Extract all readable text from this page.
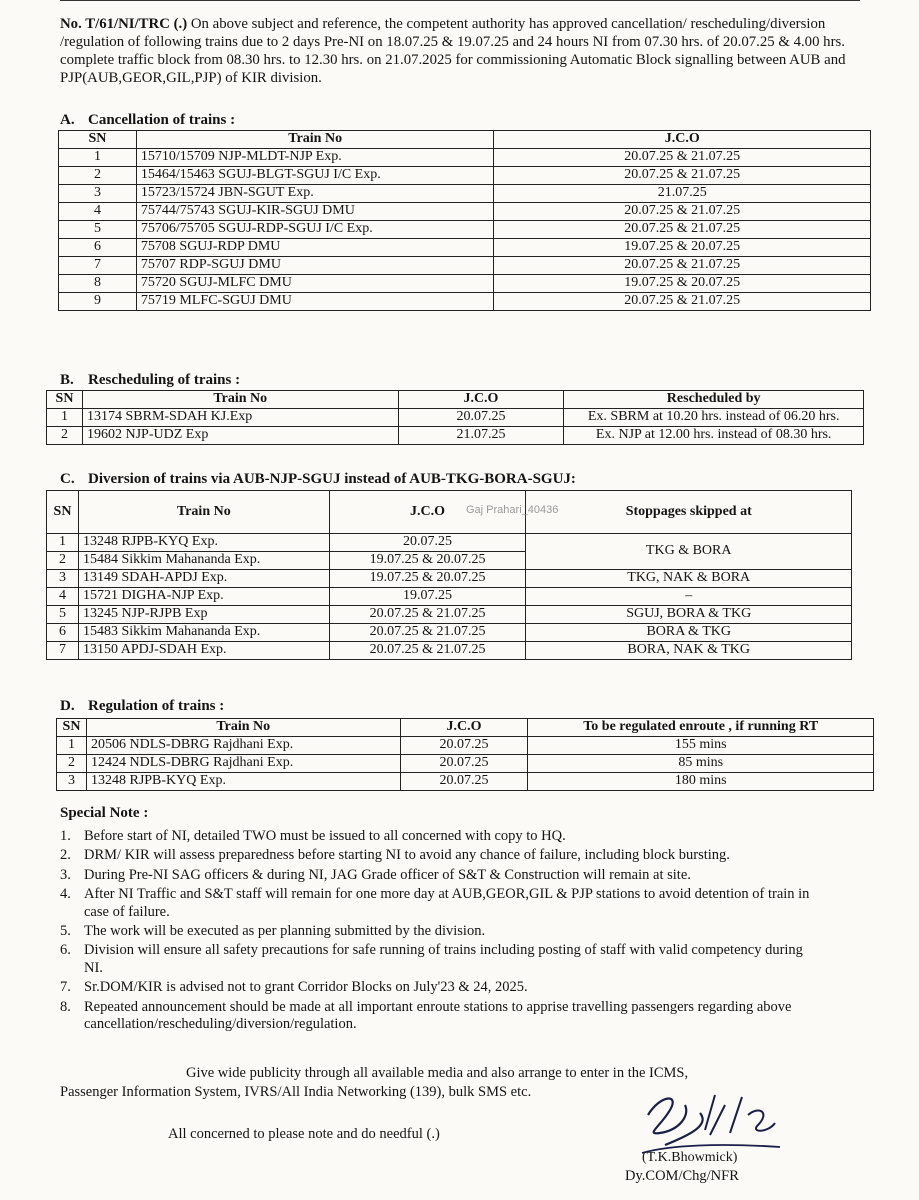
No. T/61/NI/TRC (.) On above subject and reference, the competent authority has approved cancellation/ rescheduling/diversion /regulation of following trains due to 2 days Pre-NI on 18.07.25 & 19.07.25 and 24 hours NI from 07.30 hrs. of 20.07.25 & 4.00 hrs. complete traffic block from 08.30 hrs. to 12.30 hrs. on 21.07.2025 for commissioning Automatic Block signalling between AUB and PJP(AUB,GEOR,GIL,PJP) of KIR division.
A. Cancellation of trains :
SN	Train No	J.C.O
1	15710/15709 NJP-MLDT-NJP Exp.	20.07.25 & 21.07.25
2	15464/15463 SGUJ-BLGT-SGUJ I/C Exp.	20.07.25 & 21.07.25
3	15723/15724 JBN-SGUT Exp.	21.07.25
4	75744/75743 SGUJ-KIR-SGUJ DMU	20.07.25 & 21.07.25
5	75706/75705 SGUJ-RDP-SGUJ I/C Exp.	20.07.25 & 21.07.25
6	75708 SGUJ-RDP DMU	19.07.25 & 20.07.25
7	75707 RDP-SGUJ DMU	20.07.25 & 21.07.25
8	75720 SGUJ-MLFC DMU	19.07.25 & 20.07.25
9	75719 MLFC-SGUJ DMU	20.07.25 & 21.07.25
B. Rescheduling of trains :
SN	Train No	J.C.O	Rescheduled by
1	13174 SBRM-SDAH KJ.Exp	20.07.25	Ex. SBRM at 10.20 hrs. instead of 06.20 hrs.
2	19602 NJP-UDZ Exp	21.07.25	Ex. NJP at 12.00 hrs. instead of 08.30 hrs.
C. Diversion of trains via AUB-NJP-SGUJ instead of AUB-TKG-BORA-SGUJ:
SN	Train No	J.C.O	Stoppages skipped at
1	13248 RJPB-KYQ Exp.	20.07.25	TKG & BORA
2	15484 Sikkim Mahananda Exp.	19.07.25 & 20.07.25	
3	13149 SDAH-APDJ Exp.	19.07.25 & 20.07.25	TKG, NAK & BORA
4	15721 DIGHA-NJP Exp.	19.07.25	–
5	13245 NJP-RJPB Exp	20.07.25 & 21.07.25	SGUJ, BORA & TKG
6	15483 Sikkim Mahananda Exp.	20.07.25 & 21.07.25	BORA & TKG
7	13150 APDJ-SDAH Exp.	20.07.25 & 21.07.25	BORA, NAK & TKG
Gaj Prahari_40436
D. Regulation of trains :
SN	Train No	J.C.O	To be regulated enroute , if running RT
1	20506 NDLS-DBRG Rajdhani Exp.	20.07.25	155 mins
2	12424 NDLS-DBRG Rajdhani Exp.	20.07.25	85 mins
3	13248 RJPB-KYQ Exp.	20.07.25	180 mins
Special Note :
1. Before start of NI, detailed TWO must be issued to all concerned with copy to HQ.
2. DRM/ KIR will assess preparedness before starting NI to avoid any chance of failure, including block bursting.
3. During Pre-NI SAG officers & during NI, JAG Grade officer of S&T & Construction will remain at site.
4. After NI Traffic and S&T staff will remain for one more day at AUB,GEOR,GIL & PJP stations to avoid detention of train in case of failure.
5. The work will be executed as per planning submitted by the division.
6. Division will ensure all safety precautions for safe running of trains including posting of staff with valid competency during NI.
7. Sr.DOM/KIR is advised not to grant Corridor Blocks on July'23 & 24, 2025.
8. Repeated announcement should be made at all important enroute stations to apprise travelling passengers regarding above cancellation/rescheduling/diversion/regulation.
Give wide publicity through all available media and also arrange to enter in the ICMS,
Passenger Information System, IVRS/All India Networking (139), bulk SMS etc.
All concerned to please note and do needful (.)
(T.K.Bhowmick)
Dy.COM/Chg/NFR
